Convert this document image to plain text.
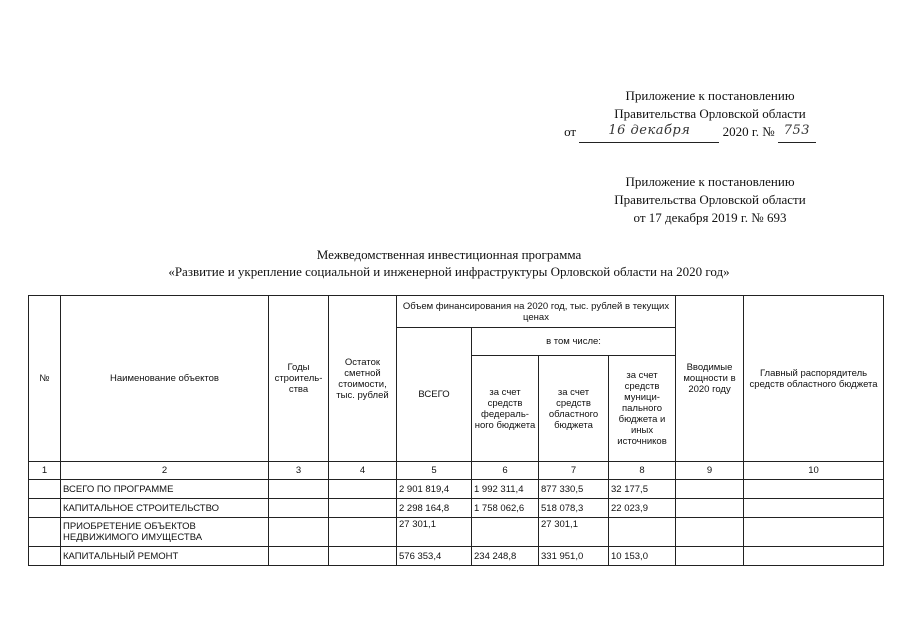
Приложение к постановлению
Правительства Орловской области
от 16 декабря 2020 г. № 753
Приложение к постановлению
Правительства Орловской области
от 17 декабря 2019 г. № 693
Межведомственная инвестиционная программа
«Развитие и укрепление социальной и инженерной инфраструктуры Орловской области на 2020 год»
№	Наименование объектов	Годы строитель-ства	Остаток сметной стоимости, тыс. рублей	Объем финансирования на 2020 год, тыс. рублей в текущих ценах				Вводимые мощности в 2020 году	Главный распорядитель средств областного бюджета
				ВСЕГО	в том числе:				
					за счет средств федераль-ного бюджета	за счет средств областного бюджета	за счет средств муници-пального бюджета и иных источников		
1	2	3	4	5	6	7	8	9	10
	ВСЕГО ПО ПРОГРАММЕ			2 901 819,4	1 992 311,4	877 330,5	32 177,5		
	КАПИТАЛЬНОЕ СТРОИТЕЛЬСТВО			2 298 164,8	1 758 062,6	518 078,3	22 023,9		
	ПРИОБРЕТЕНИЕ ОБЪЕКТОВ НЕДВИЖИМОГО ИМУЩЕСТВА			27 301,1		27 301,1			
	КАПИТАЛЬНЫЙ РЕМОНТ			576 353,4	234 248,8	331 951,0	10 153,0		
